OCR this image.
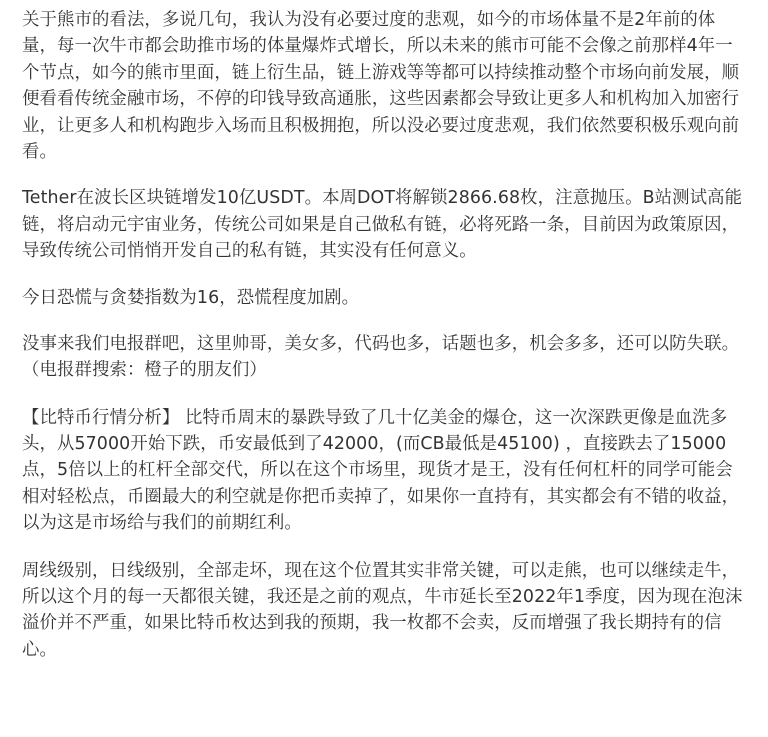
关于熊市的看法，多说几句，我认为没有必要过度的悲观，如今的市场体量不是2年前的体
量，每一次牛市都会助推市场的体量爆炸式增长，所以未来的熊市可能不会像之前那样4年一
个节点，如今的熊市里面，链上衍生品，链上游戏等等都可以持续推动整个市场向前发展，顺
便看看传统金融市场，不停的印钱导致高通胀，这些因素都会导致让更多人和机构加入加密行
业，让更多人和机构跑步入场而且积极拥抱，所以没必要过度悲观，我们依然要积极乐观向前
看。

Tether在波长区块链增发10亿USDT。本周DOT将解锁2866.68枚，注意抛压。B站测试高能
链，将启动元宇宙业务，传统公司如果是自己做私有链，必将死路一条，目前因为政策原因，
导致传统公司悄悄开发自己的私有链，其实没有任何意义。

今日恐慌与贪婪指数为16，恐慌程度加剧。

没事来我们电报群吧，这里帅哥，美女多，代码也多，话题也多，机会多多，还可以防失联。
（电报群搜索：橙子的朋友们）

【比特币行情分析】 比特币周末的暴跌导致了几十亿美金的爆仓，这一次深跌更像是血洗多
头，从57000开始下跌，币安最低到了42000，(而CB最低是45100) ，直接跌去了15000
点，5倍以上的杠杆全部交代，所以在这个市场里，现货才是王，没有任何杠杆的同学可能会
相对轻松点，币圈最大的利空就是你把币卖掉了，如果你一直持有，其实都会有不错的收益，
以为这是市场给与我们的前期红利。

周线级别，日线级别，全部走坏，现在这个位置其实非常关键，可以走熊，也可以继续走牛，
所以这个月的每一天都很关键，我还是之前的观点，牛市延长至2022年1季度，因为现在泡沫
溢价并不严重，如果比特币枚达到我的预期，我一枚都不会卖，反而增强了我长期持有的信
心。
